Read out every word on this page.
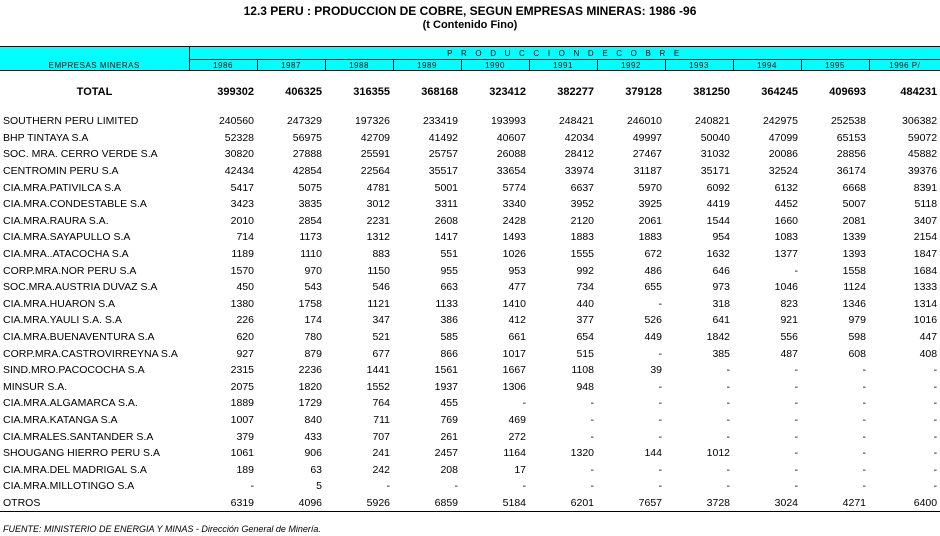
12.3 PERU : PRODUCCION DE COBRE, SEGUN EMPRESAS MINERAS: 1986 -96
(t Contenido Fino)
EMPRESAS MINERAS	P R O D U C C I O N D E C O B R E										
	1986	1987	1988	1989	1990	1991	1992	1993	1994	1995	1996 P/
TOTAL	399302	406325	316355	368168	323412	382277	379128	381250	364245	409693	484231
SOUTHERN PERU LIMITED	240560	247329	197326	233419	193993	248421	246010	240821	242975	252538	306382
BHP TINTAYA S.A	52328	56975	42709	41492	40607	42034	49997	50040	47099	65153	59072
SOC. MRA. CERRO VERDE S.A	30820	27888	25591	25757	26088	28412	27467	31032	20086	28856	45882
CENTROMIN PERU S.A	42434	42854	22564	35517	33654	33974	31187	35171	32524	36174	39376
CIA.MRA.PATIVILCA S.A	5417	5075	4781	5001	5774	6637	5970	6092	6132	6668	8391
CIA.MRA.CONDESTABLE S.A	3423	3835	3012	3311	3340	3952	3925	4419	4452	5007	5118
CIA.MRA.RAURA S.A.	2010	2854	2231	2608	2428	2120	2061	1544	1660	2081	3407
CIA.MRA.SAYAPULLO S.A	714	1173	1312	1417	1493	1883	1883	954	1083	1339	2154
CIA.MRA..ATACOCHA S.A	1189	1110	883	551	1026	1555	672	1632	1377	1393	1847
CORP.MRA.NOR PERU S.A	1570	970	1150	955	953	992	486	646	-	1558	1684
SOC.MRA.AUSTRIA DUVAZ S.A	450	543	546	663	477	734	655	973	1046	1124	1333
CIA.MRA.HUARON S.A	1380	1758	1121	1133	1410	440	-	318	823	1346	1314
CIA.MRA.YAULI S.A. S.A	226	174	347	386	412	377	526	641	921	979	1016
CIA.MRA.BUENAVENTURA S.A	620	780	521	585	661	654	449	1842	556	598	447
CORP.MRA.CASTROVIRREYNA S.A	927	879	677	866	1017	515	-	385	487	608	408
SIND.MRO.PACOCOCHA S.A	2315	2236	1441	1561	1667	1108	39	-	-	-	-
MINSUR S.A.	2075	1820	1552	1937	1306	948	-	-	-	-	-
CIA.MRA.ALGAMARCA S.A.	1889	1729	764	455	-	-	-	-	-	-	-
CIA.MRA.KATANGA S.A	1007	840	711	769	469	-	-	-	-	-	-
CIA.MRALES.SANTANDER S.A	379	433	707	261	272	-	-	-	-	-	-
SHOUGANG HIERRO PERU S.A	1061	906	241	2457	1164	1320	144	1012	-	-	-
CIA.MRA.DEL MADRIGAL S.A	189	63	242	208	17	-	-	-	-	-	-
CIA.MRA.MILLOTINGO S.A	-	5	-	-	-	-	-	-	-	-	-
OTROS	6319	4096	5926	6859	5184	6201	7657	3728	3024	4271	6400
FUENTE: MINISTERIO DE ENERGIA Y MINAS - Dirección General de Minería.
